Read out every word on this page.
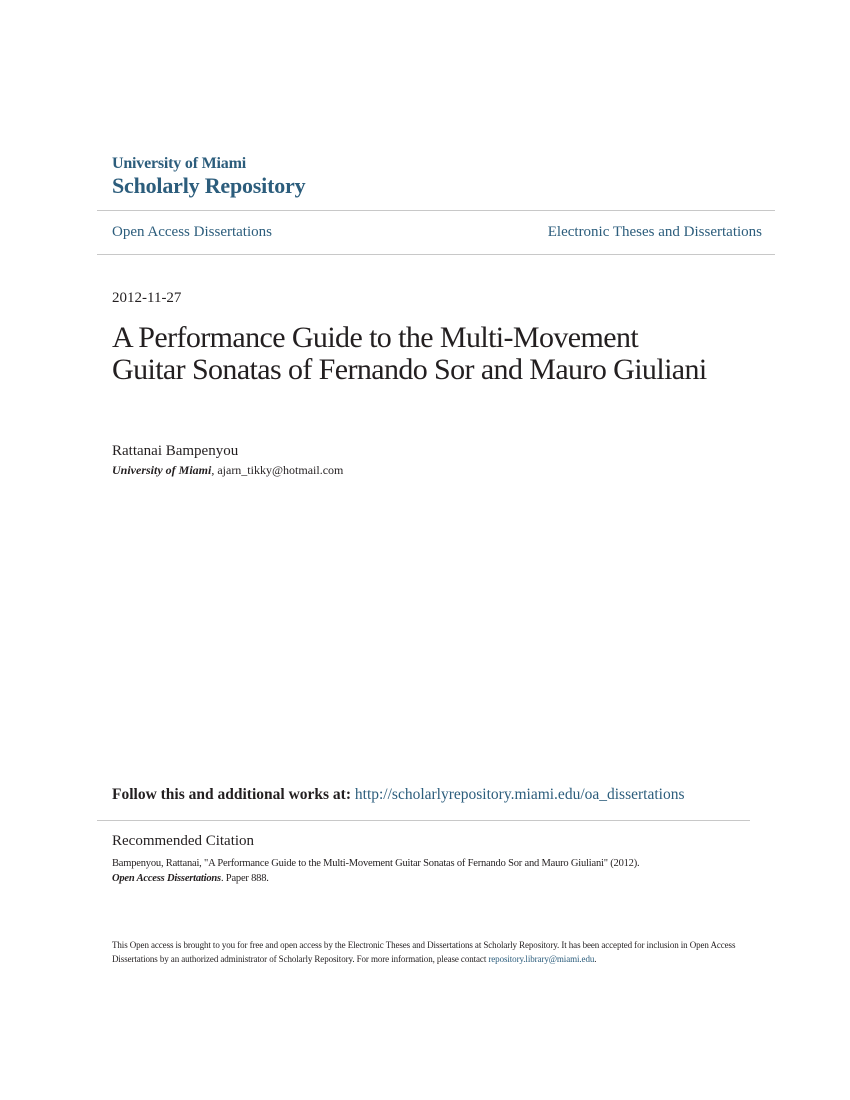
University of Miami
Scholarly Repository
Open Access Dissertations	Electronic Theses and Dissertations
2012-11-27
A Performance Guide to the Multi-Movement Guitar Sonatas of Fernando Sor and Mauro Giuliani
Rattanai Bampenyou
University of Miami, ajarn_tikky@hotmail.com
Follow this and additional works at: http://scholarlyrepository.miami.edu/oa_dissertations
Recommended Citation
Bampenyou, Rattanai, "A Performance Guide to the Multi-Movement Guitar Sonatas of Fernando Sor and Mauro Giuliani" (2012).
Open Access Dissertations. Paper 888.
This Open access is brought to you for free and open access by the Electronic Theses and Dissertations at Scholarly Repository. It has been accepted for inclusion in Open Access Dissertations by an authorized administrator of Scholarly Repository. For more information, please contact repository.library@miami.edu.
